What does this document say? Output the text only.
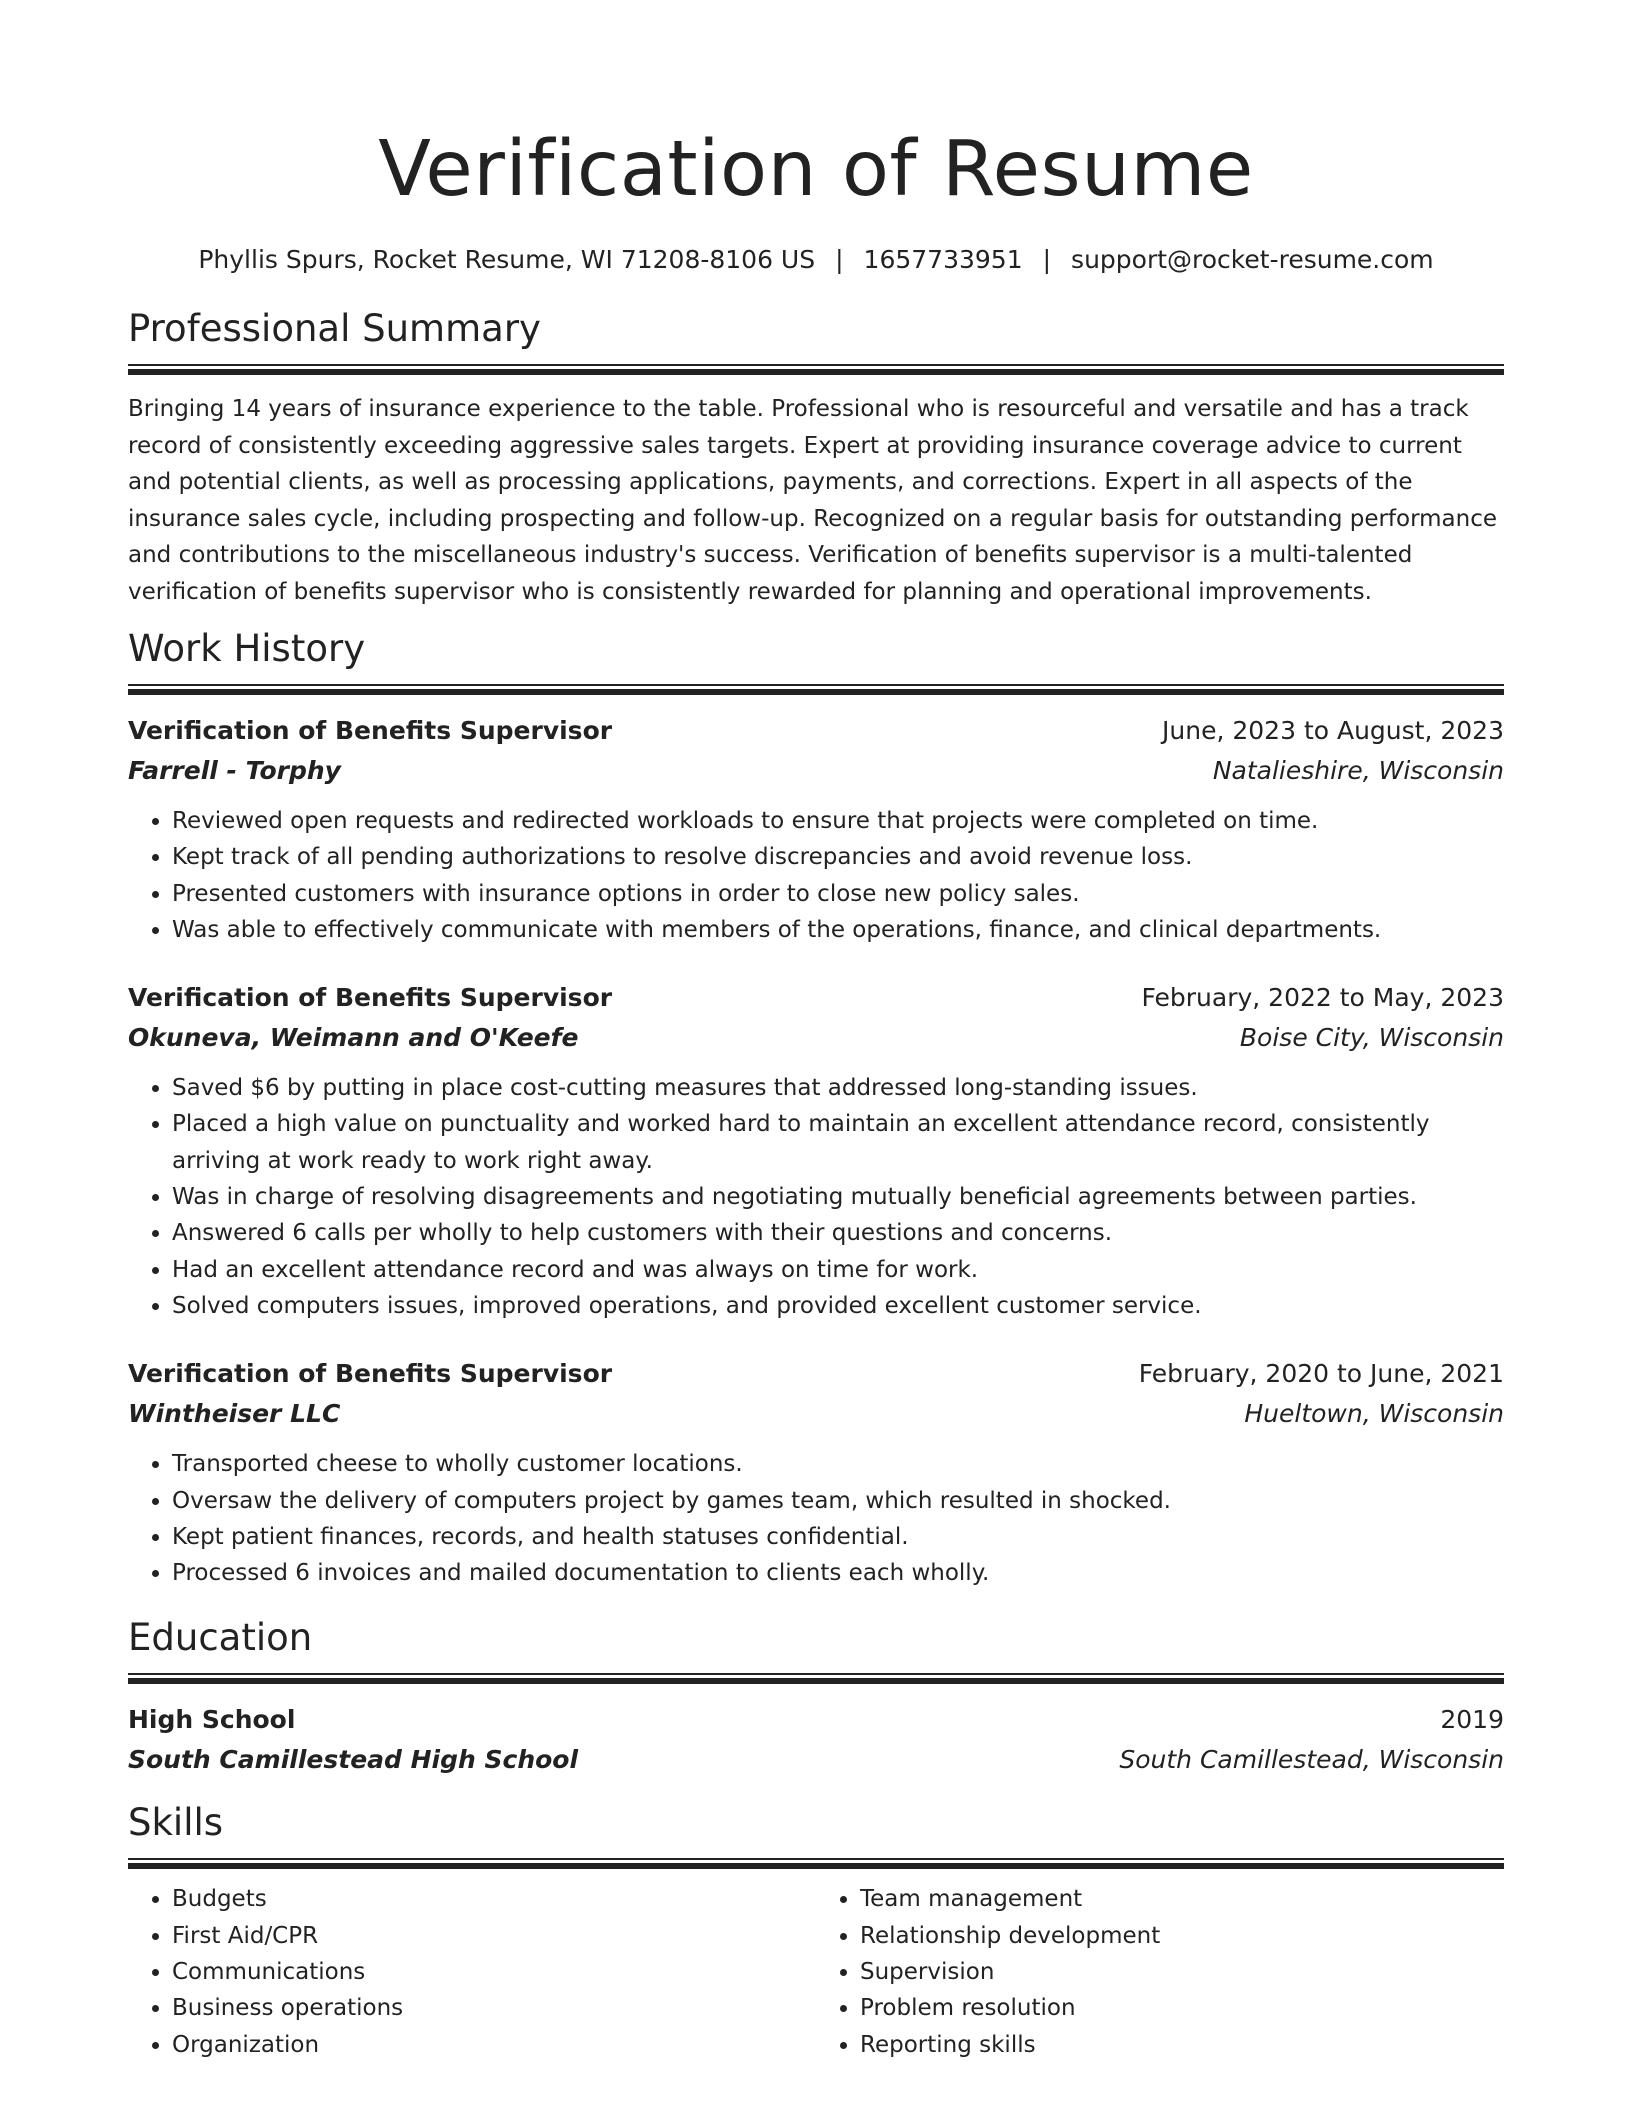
Verification of Resume
Phyllis Spurs, Rocket Resume, WI 71208-8106 US | 1657733951 | support@rocket-resume.com
Professional Summary

Bringing 14 years of insurance experience to the table. Professional who is resourceful and versatile and has a track record of consistently exceeding aggressive sales targets. Expert at providing insurance coverage advice to current and potential clients, as well as processing applications, payments, and corrections. Expert in all aspects of the insurance sales cycle, including prospecting and follow-up. Recognized on a regular basis for outstanding performance and contributions to the miscellaneous industry's success. Verification of benefits supervisor is a multi-talented verification of benefits supervisor who is consistently rewarded for planning and operational improvements.

Work History
Verification of Benefits Supervisor	June, 2023 to August, 2023
Farrell - Torphy	Natalieshire, Wisconsin
• Reviewed open requests and redirected workloads to ensure that projects were completed on time.
• Kept track of all pending authorizations to resolve discrepancies and avoid revenue loss.
• Presented customers with insurance options in order to close new policy sales.
• Was able to effectively communicate with members of the operations, finance, and clinical departments.
Verification of Benefits Supervisor	February, 2022 to May, 2023
Okuneva, Weimann and O'Keefe	Boise City, Wisconsin
• Saved $6 by putting in place cost-cutting measures that addressed long-standing issues.
• Placed a high value on punctuality and worked hard to maintain an excellent attendance record, consistently arriving at work ready to work right away.
• Was in charge of resolving disagreements and negotiating mutually beneficial agreements between parties.
• Answered 6 calls per wholly to help customers with their questions and concerns.
• Had an excellent attendance record and was always on time for work.
• Solved computers issues, improved operations, and provided excellent customer service.
Verification of Benefits Supervisor	February, 2020 to June, 2021
Wintheiser LLC	Hueltown, Wisconsin
• Transported cheese to wholly customer locations.
• Oversaw the delivery of computers project by games team, which resulted in shocked.
• Kept patient finances, records, and health statuses confidential.
• Processed 6 invoices and mailed documentation to clients each wholly.
Education
High School	2019
South Camillestead High School	South Camillestead, Wisconsin
Skills
• Budgets
• First Aid/CPR
• Communications
• Business operations
• Organization
• Team management
• Relationship development
• Supervision
• Problem resolution
• Reporting skills
